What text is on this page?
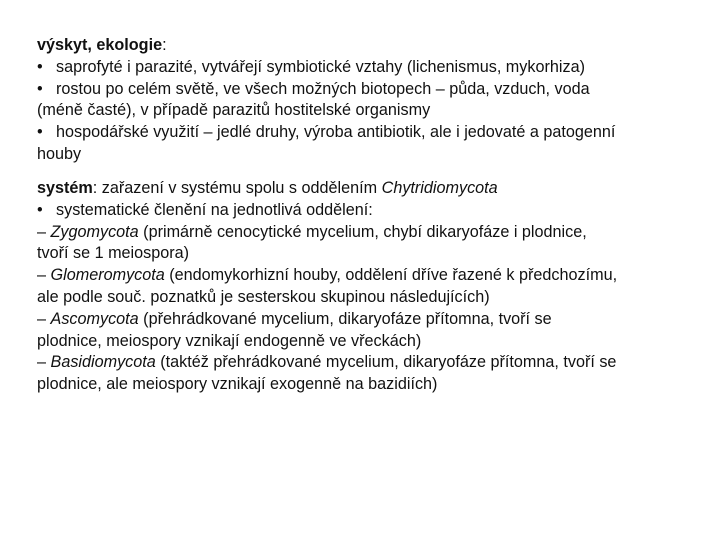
výskyt, ekologie:
• saprofyté i parazité, vytvářejí symbiotické vztahy (lichenismus, mykorhiza)
• rostou po celém světě, ve všech možných biotopech – půda, vzduch, voda
(méně časté), v případě parazitů hostitelské organismy
• hospodářské využití – jedlé druhy, výroba antibiotik, ale i jedovaté a patogenní
houby
systém: zařazení v systému spolu s oddělením Chytridiomycota
• systematické členění na jednotlivá oddělení:
– Zygomycota (primárně cenocytické mycelium, chybí dikaryofáze i plodnice,
tvoří se 1 meiospora)
– Glomeromycota (endomykorhizní houby, oddělení dříve řazené k předchozímu,
ale podle souč. poznatků je sesterskou skupinou následujících)
– Ascomycota (přehrádkované mycelium, dikaryofáze přítomna, tvoří se
plodnice, meiospory vznikají endogenně ve vřeckách)
– Basidiomycota (taktéž přehrádkované mycelium, dikaryofáze přítomna, tvoří se
plodnice, ale meiospory vznikají exogenně na bazidiích)
